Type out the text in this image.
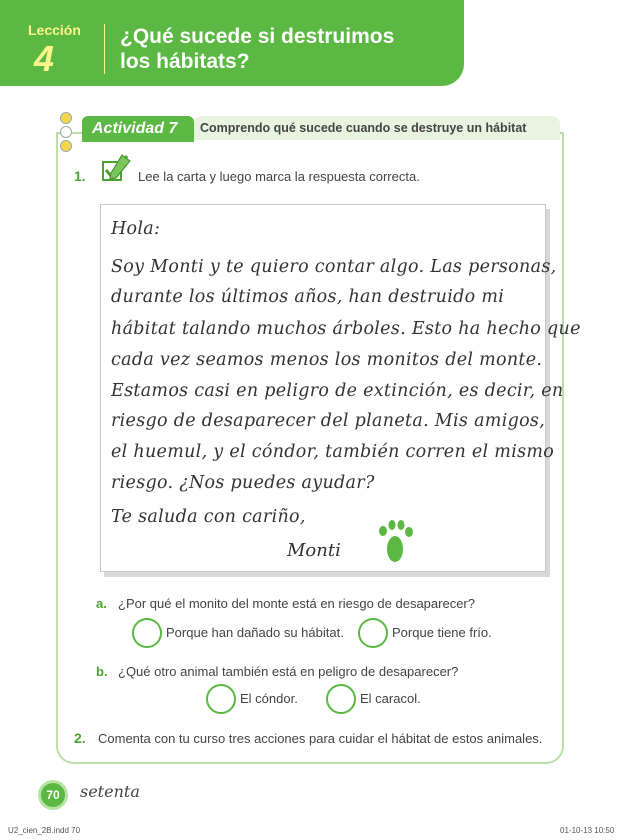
Lección
4
¿Qué sucede si destruimos
los hábitats?
Actividad 7	Comprendo qué sucede cuando se destruye un hábitat
1.	Lee la carta y luego marca la respuesta correcta.
Hola:
Soy Monti y te quiero contar algo. Las personas,
durante los últimos años, han destruido mi
hábitat talando muchos árboles. Esto ha hecho que
cada vez seamos menos los monitos del monte.
Estamos casi en peligro de extinción, es decir, en
riesgo de desaparecer del planeta. Mis amigos,
el huemul, y el cóndor, también corren el mismo
riesgo. ¿Nos puedes ayudar?
Te saluda con cariño,
Monti
a. ¿Por qué el monito del monte está en riesgo de desaparecer?
Porque han dañado su hábitat.	Porque tiene frío.
b. ¿Qué otro animal también está en peligro de desaparecer?
El cóndor.	El caracol.
2. Comenta con tu curso tres acciones para cuidar el hábitat de estos animales.
70	setenta
U2_cien_2B.indd 70	01-10-13 10:50
